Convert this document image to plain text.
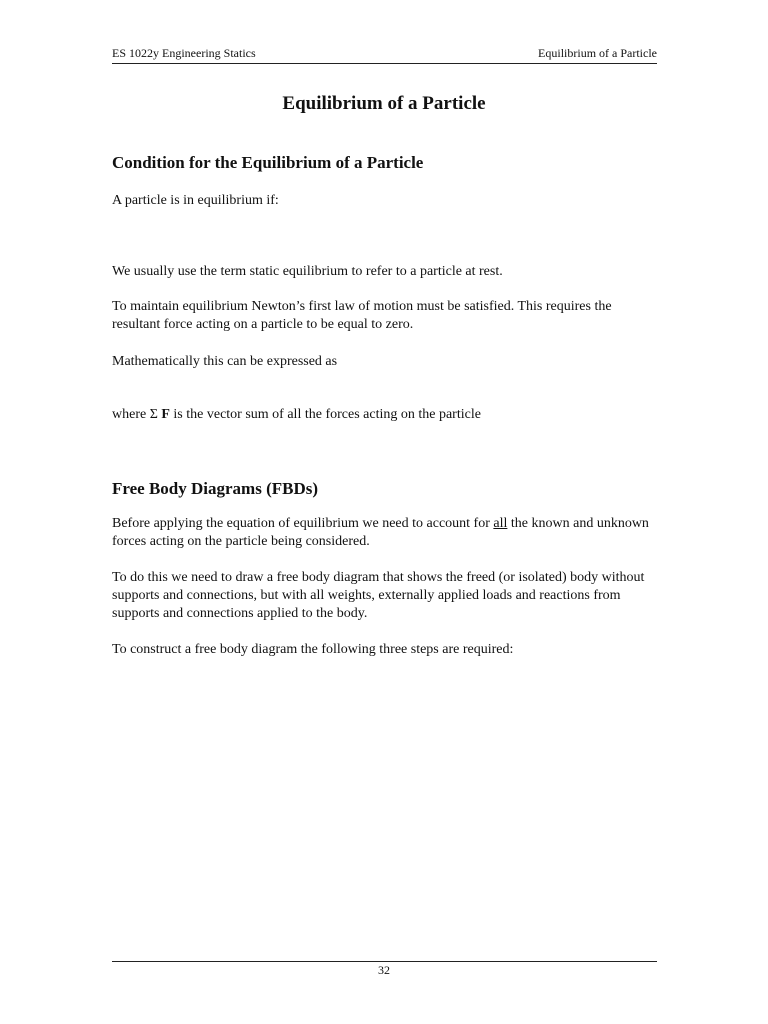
ES 1022y Engineering Statics	Equilibrium of a Particle
Equilibrium of a Particle
Condition for the Equilibrium of a Particle

A particle is in equilibrium if:

We usually use the term static equilibrium to refer to a particle at rest.

To maintain equilibrium Newton’s first law of motion must be satisfied. This requires the resultant force acting on a particle to be equal to zero.

Mathematically this can be expressed as

where Σ F is the vector sum of all the forces acting on the particle

Free Body Diagrams (FBDs)

Before applying the equation of equilibrium we need to account for all the known and unknown forces acting on the particle being considered.

To do this we need to draw a free body diagram that shows the freed (or isolated) body without supports and connections, but with all weights, externally applied loads and reactions from supports and connections applied to the body.

To construct a free body diagram the following three steps are required:

32
